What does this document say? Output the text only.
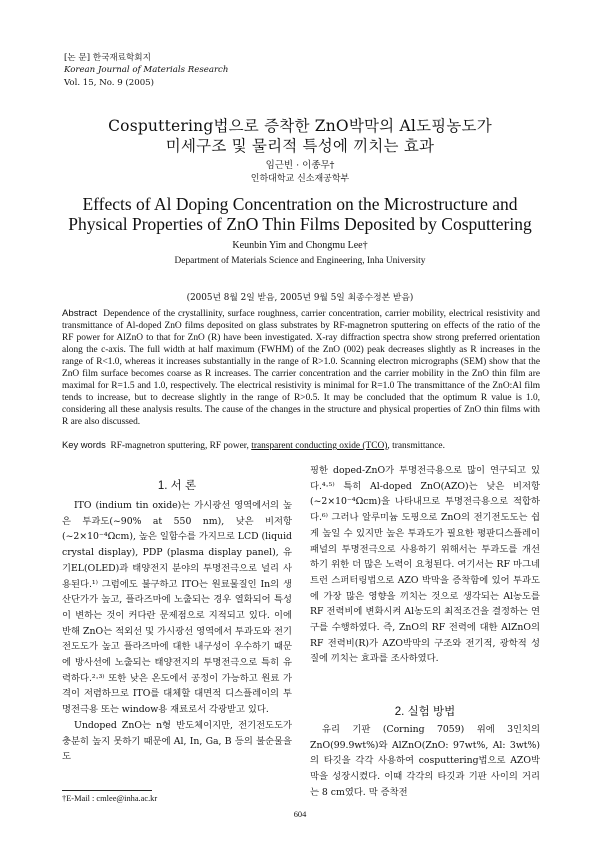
[논 문] 한국재료학회지
Korean Journal of Materials Research
Vol. 15, No. 9 (2005)
Cosputtering법으로 증착한 ZnO박막의 Al도핑농도가
미세구조 및 물리적 특성에 끼치는 효과
임근빈 · 이종무†
인하대학교 신소재공학부
Effects of Al Doping Concentration on the Microstructure and
Physical Properties of ZnO Thin Films Deposited by Cosputtering
Keunbin Yim and Chongmu Lee†
Department of Materials Science and Engineering, Inha University
(2005년 8월 2일 받음, 2005년 9월 5일 최종수정본 받음)
Abstract Dependence of the crystallinity, surface roughness, carrier concentration, carrier mobility, electrical resistivity and transmittance of Al-doped ZnO films deposited on glass substrates by RF-magnetron sputtering on effects of the ratio of the RF power for AlZnO to that for ZnO (R) have been investigated. X-ray diffraction spectra show strong preferred orientation along the c-axis. The full width at half maximum (FWHM) of the ZnO (002) peak decreases slightly as R increases in the range of R<1.0, whereas it increases substantially in the range of R>1.0. Scanning electron micrographs (SEM) show that the ZnO film surface becomes coarse as R increases. The carrier concentration and the carrier mobility in the ZnO thin film are maximal for R=1.5 and 1.0, respectively. The electrical resistivity is minimal for R=1.0 The transmittance of the ZnO:Al film tends to increase, but to decrease slightly in the range of R>0.5. It may be concluded that the optimum R value is 1.0, considering all these analysis results. The cause of the changes in the structure and physical properties of ZnO thin films with R are also discussed.
Key words RF-magnetron sputtering, RF power, transparent conducting oxide (TCO), transmittance.
1. 서 론

ITO (indium tin oxide)는 가시광선 영역에서의 높은 투과도(~90% at 550 nm), 낮은 비저항(~2×10⁻⁴Ωcm), 높은 일함수를 가지므로 LCD (liquid crystal display), PDP (plasma display panel), 유기EL(OLED)과 태양전지 분야의 투명전극으로 널리 사용된다.¹⁾ 그럼에도 불구하고 ITO는 원료물질인 In의 생산단가가 높고, 플라즈마에 노출되는 경우 열화되어 특성이 변하는 것이 커다란 문제점으로 지적되고 있다. 이에 반해 ZnO는 적외선 및 가시광선 영역에서 투과도와 전기전도도가 높고 플라즈마에 대한 내구성이 우수하기 때문에 방사선에 노출되는 태양전지의 투명전극으로 특히 유력하다.²·³⁾ 또한 낮은 온도에서 공정이 가능하고 원료 가격이 저렴하므로 ITO를 대체할 대면적 디스플레이의 투명전극용 또는 window용 재료로서 각광받고 있다.

Undoped ZnO는 n형 반도체이지만, 전기전도도가 충분히 높지 못하기 때문에 Al, In, Ga, B 등의 불순물을 도

핑한 doped-ZnO가 투명전극용으로 많이 연구되고 있다.⁴·⁵⁾ 특히 Al-doped ZnO(AZO)는 낮은 비저항(~2×10⁻⁴Ωcm)을 나타내므로 투명전극용으로 적합하다.⁶⁾ 그러나 알루미늄 도핑으로 ZnO의 전기전도도는 쉽게 높일 수 있지만 높은 투과도가 필요한 평판디스플레이 패널의 투명전극으로 사용하기 위해서는 투과도를 개선하기 위한 더 많은 노력이 요청된다. 여기서는 RF 마그네트런 스퍼터링법으로 AZO 박막을 증착함에 있어 투과도에 가장 많은 영향을 끼치는 것으로 생각되는 Al농도를 RF 전력비에 변화시켜 Al농도의 최적조건을 결정하는 연구를 수행하였다. 즉, ZnO의 RF 전력에 대한 AlZnO의 RF 전력비(R)가 AZO박막의 구조와 전기적, 광학적 성질에 끼치는 효과를 조사하였다.

2. 실험 방법

유리 기판 (Corning 7059) 위에 3인치의 ZnO(99.9wt%)와 AlZnO(ZnO: 97wt%, Al: 3wt%)의 타깃을 각각 사용하여 cosputtering법으로 AZO박막을 성장시켰다. 이때 각각의 타깃과 기판 사이의 거리는 8 cm였다. 막 증착전

†E-Mail : cmlee@inha.ac.kr
604
